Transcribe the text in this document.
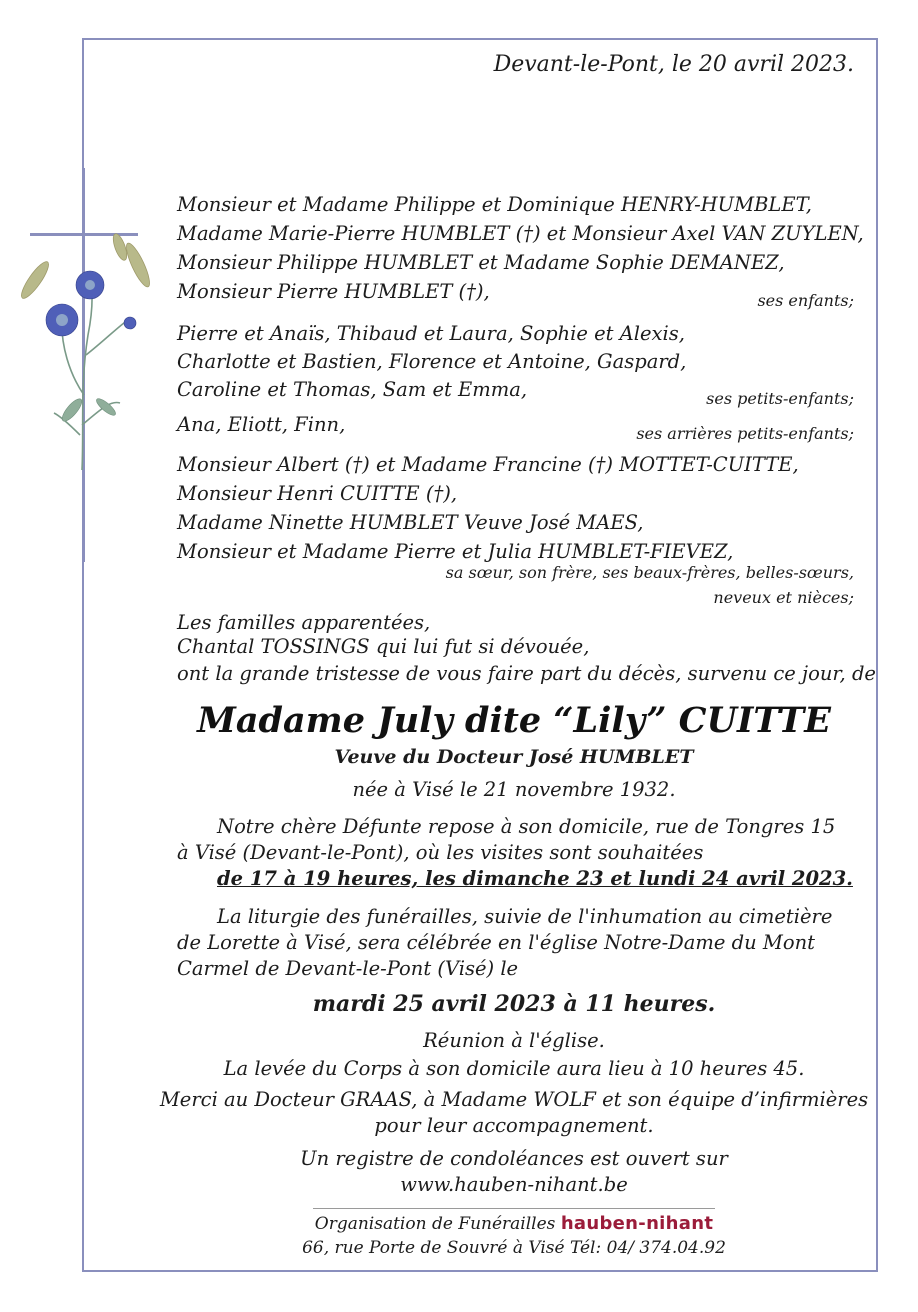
Devant-le-Pont, le 20 avril 2023.
Monsieur et Madame Philippe et Dominique HENRY-HUMBLET,
Madame Marie-Pierre HUMBLET (†) et Monsieur Axel VAN ZUYLEN,
Monsieur Philippe HUMBLET et Madame Sophie DEMANEZ,
Monsieur Pierre HUMBLET (†),	ses enfants;
Pierre et Anaïs, Thibaud et Laura, Sophie et Alexis,
Charlotte et Bastien, Florence et Antoine, Gaspard,
Caroline et Thomas, Sam et Emma,	ses petits-enfants;
Ana, Eliott, Finn,	ses arrières petits-enfants;
Monsieur Albert (†) et Madame Francine (†) MOTTET-CUITTE,
Monsieur Henri CUITTE (†),
Madame Ninette HUMBLET Veuve José MAES,
Monsieur et Madame Pierre et Julia HUMBLET-FIEVEZ,
sa sœur, son frère, ses beaux-frères, belles-sœurs,
neveux et nièces;
Les familles apparentées,
Chantal TOSSINGS qui lui fut si dévouée,
ont la grande tristesse de vous faire part du décès, survenu ce jour, de
Madame July dite “Lily” CUITTE
Veuve du Docteur José HUMBLET
née à Visé le 21 novembre 1932.
Notre chère Défunte repose à son domicile, rue de Tongres 15
à Visé (Devant-le-Pont), où les visites sont souhaitées
de 17 à 19 heures, les dimanche 23 et lundi 24 avril 2023.
La liturgie des funérailles, suivie de l'inhumation au cimetière
de Lorette à Visé, sera célébrée en l'église Notre-Dame du Mont
Carmel de Devant-le-Pont (Visé) le
mardi 25 avril 2023 à 11 heures.
Réunion à l'église.
La levée du Corps à son domicile aura lieu à 10 heures 45.
Merci au Docteur GRAAS, à Madame WOLF et son équipe d’infirmières
pour leur accompagnement.
Un registre de condoléances est ouvert sur
www.hauben-nihant.be
Organisation de Funérailles hauben-nihant
66, rue Porte de Souvré à Visé Tél: 04/ 374.04.92
